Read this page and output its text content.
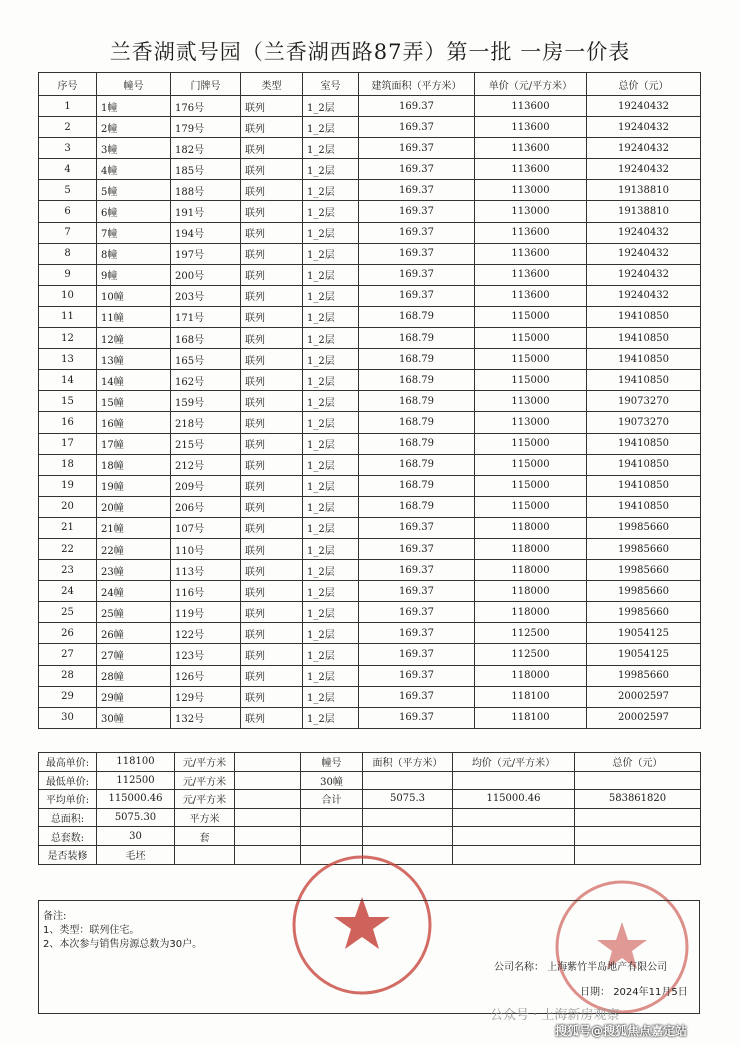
兰香湖贰号园（兰香湖西路87弄）第一批 一房一价表
序号	幢号	门牌号	类型	室号	建筑面积（平方米）	单价（元/平方米）	总价（元）
1	1幢	176号	联列	1_2层	169.37	113600	19240432
2	2幢	179号	联列	1_2层	169.37	113600	19240432
3	3幢	182号	联列	1_2层	169.37	113600	19240432
4	4幢	185号	联列	1_2层	169.37	113600	19240432
5	5幢	188号	联列	1_2层	169.37	113000	19138810
6	6幢	191号	联列	1_2层	169.37	113000	19138810
7	7幢	194号	联列	1_2层	169.37	113600	19240432
8	8幢	197号	联列	1_2层	169.37	113600	19240432
9	9幢	200号	联列	1_2层	169.37	113600	19240432
10	10幢	203号	联列	1_2层	169.37	113600	19240432
11	11幢	171号	联列	1_2层	168.79	115000	19410850
12	12幢	168号	联列	1_2层	168.79	115000	19410850
13	13幢	165号	联列	1_2层	168.79	115000	19410850
14	14幢	162号	联列	1_2层	168.79	115000	19410850
15	15幢	159号	联列	1_2层	168.79	113000	19073270
16	16幢	218号	联列	1_2层	168.79	113000	19073270
17	17幢	215号	联列	1_2层	168.79	115000	19410850
18	18幢	212号	联列	1_2层	168.79	115000	19410850
19	19幢	209号	联列	1_2层	168.79	115000	19410850
20	20幢	206号	联列	1_2层	168.79	115000	19410850
21	21幢	107号	联列	1_2层	169.37	118000	19985660
22	22幢	110号	联列	1_2层	169.37	118000	19985660
23	23幢	113号	联列	1_2层	169.37	118000	19985660
24	24幢	116号	联列	1_2层	169.37	118000	19985660
25	25幢	119号	联列	1_2层	169.37	118000	19985660
26	26幢	122号	联列	1_2层	169.37	112500	19054125
27	27幢	123号	联列	1_2层	169.37	112500	19054125
28	28幢	126号	联列	1_2层	169.37	118000	19985660
29	29幢	129号	联列	1_2层	169.37	118100	20002597
30	30幢	132号	联列	1_2层	169.37	118100	20002597
最高单价:	118100	元/平方米		幢号	面积（平方米）	均价（元/平方米）	总价（元）
最低单价:	112500	元/平方米		30幢			
平均单价:	115000.46	元/平方米		合计	5075.3	115000.46	583861820
总面积:	5075.30	平方米					
总套数:	30	套					
是否装修	毛坯						
备注:
1、类型：联列住宅。
2、本次参与销售房源总数为30户。
公司名称： 上海紫竹半岛地产有限公司
日期： 2024年11月5日
公众号 · 上海新房观察
搜狐号@搜狐焦点嘉定站
